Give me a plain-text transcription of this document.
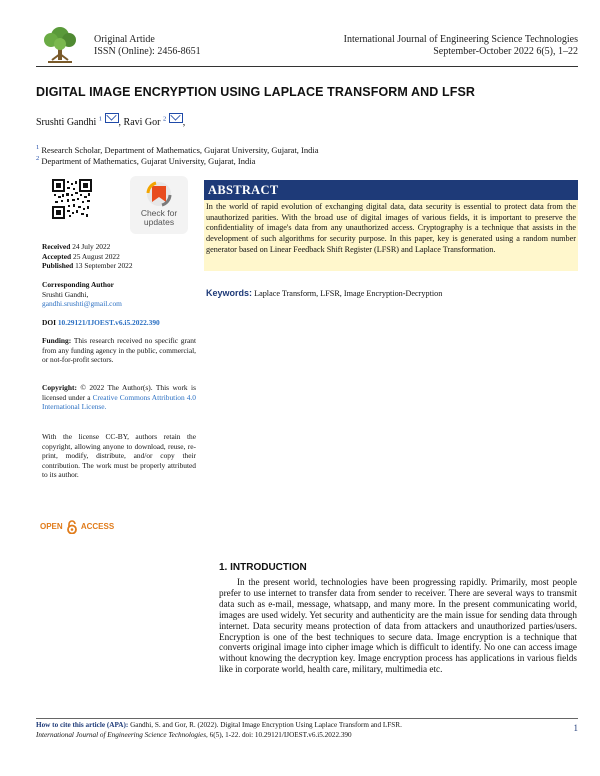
Original Artide
ISSN (Online): 2456-8651
International Journal of Engineering Science Technologies
September-October 2022 6(5), 1–22
DIGITAL IMAGE ENCRYPTION USING LAPLACE TRANSFORM AND LFSR
Srushti Gandhi $^1$ , Ravi Gor $^2$ ,
$^1$ Research Scholar, Department of Mathematics, Gujarat University, Gujarat, India
$^2$ Department of Mathematics, Gujarat University, Gujarat, India
Check for
updates
Received 24 July 2022
Accepted 25 August 2022
Published 13 September 2022
Corresponding Author
Srushti Gandhi,
gandhi.srushti@gmail.com
DOI 10.29121/IJOEST.v6.i5.2022.390
Funding: This research received no specific grant from any funding agency in the public, commercial, or not-for-profit sectors.
Copyright: © 2022 The Author(s). This work is licensed under a Creative Commons Attribution 4.0 International License.
With the license CC-BY, authors retain the copyright, allowing anyone to download, reuse, re-print, modify, distribute, and/or copy their contribution. The work must be properly attributed to its author.
OPEN ACCESS
ABSTRACT
In the world of rapid evolution of exchanging digital data, data security is essential to protect data from the unauthorized parities. With the broad use of digital images of various fields, it is important to preserve the confidentiality of image's data from any unauthorized access. Cryptography is a technique that assists in the development of such algorithms for security purpose. In this paper, key is generated using a random number generator based on Linear Feedback Shift Register (LFSR) and Laplace Transformation.
Keywords: Laplace Transform, LFSR, Image Encryption-Decryption
1. INTRODUCTION
In the present world, technologies have been progressing rapidly. Primarily, most people prefer to use internet to transfer data from sender to receiver. There are several ways to transmit data such as e-mail, message, whatsapp, and many more. In the present communicating world, images are used widely. Yet security and authenticity are the main issue for sending data through internet. Data security means protection of data from attackers and unauthorized parties/users. Encryption is one of the best techniques to secure data. Image encryption is a technique that converts original image into cipher image which is difficult to identify. No one can access image without knowing the decryption key. Image encryption process has applications in various fields like in corporate world, health care, military, multimedia etc.
How to cite this article (APA): Gandhi, S. and Gor, R. (2022). Digital Image Encryption Using Laplace Transform and LFSR.
International Journal of Engineering Science Technologies, 6(5), 1-22. doi: 10.29121/IJOEST.v6.i5.2022.390
1
